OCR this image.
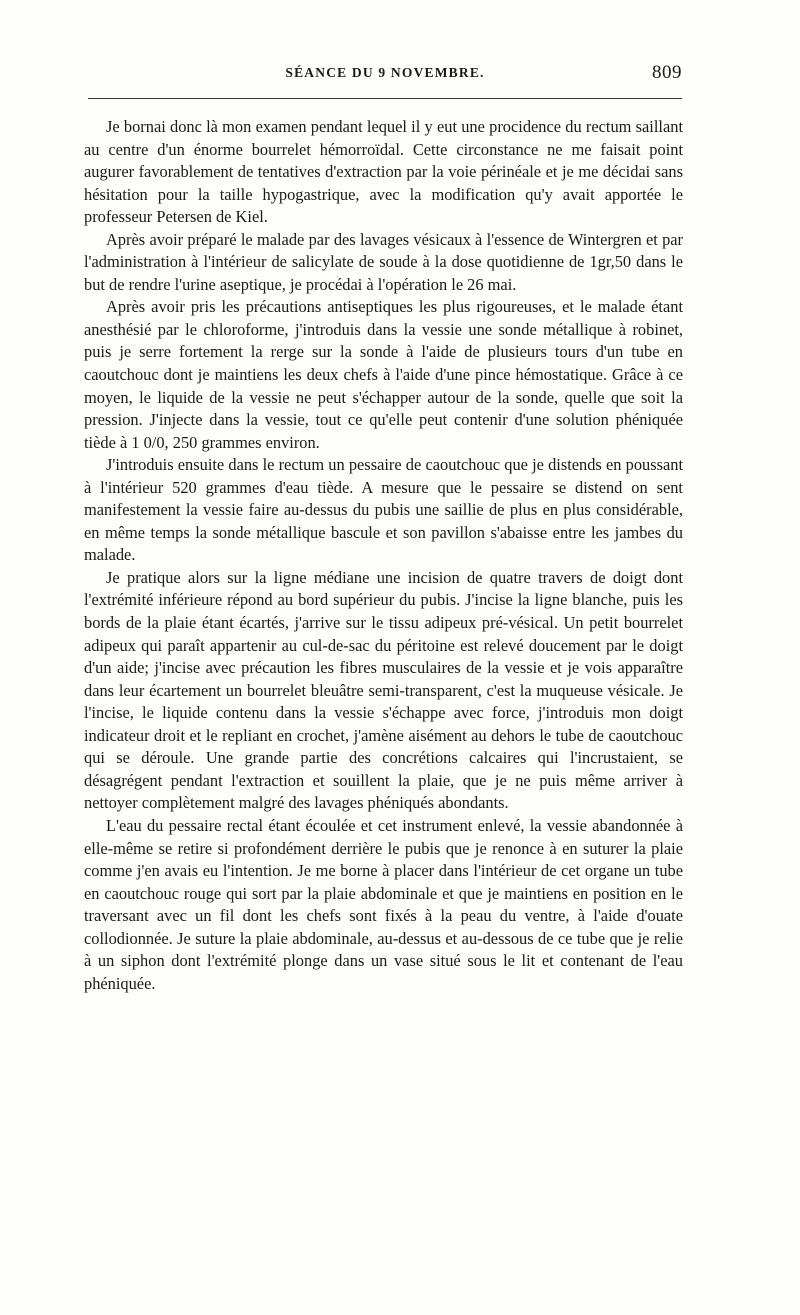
SÉANCE DU 9 NOVEMBRE.	809

Je bornai donc là mon examen pendant lequel il y eut une procidence du rectum saillant au centre d'un énorme bourrelet hémorroïdal. Cette circonstance ne me faisait point augurer favorablement de tentatives d'extraction par la voie périnéale et je me décidai sans hésitation pour la taille hypogastrique, avec la modification qu'y avait apportée le professeur Petersen de Kiel.

Après avoir préparé le malade par des lavages vésicaux à l'essence de Wintergren et par l'administration à l'intérieur de salicylate de soude à la dose quotidienne de 1gr,50 dans le but de rendre l'urine aseptique, je procédai à l'opération le 26 mai.

Après avoir pris les précautions antiseptiques les plus rigoureuses, et le malade étant anesthésié par le chloroforme, j'introduis dans la vessie une sonde métallique à robinet, puis je serre fortement la rerge sur la sonde à l'aide de plusieurs tours d'un tube en caoutchouc dont je maintiens les deux chefs à l'aide d'une pince hémostatique. Grâce à ce moyen, le liquide de la vessie ne peut s'échapper autour de la sonde, quelle que soit la pression. J'injecte dans la vessie, tout ce qu'elle peut contenir d'une solution phéniquée tiède à 1 0/0, 250 grammes environ.

J'introduis ensuite dans le rectum un pessaire de caoutchouc que je distends en poussant à l'intérieur 520 grammes d'eau tiède. A mesure que le pessaire se distend on sent manifestement la vessie faire au-dessus du pubis une saillie de plus en plus considérable, en même temps la sonde métallique bascule et son pavillon s'abaisse entre les jambes du malade.

Je pratique alors sur la ligne médiane une incision de quatre travers de doigt dont l'extrémité inférieure répond au bord supérieur du pubis. J'incise la ligne blanche, puis les bords de la plaie étant écartés, j'arrive sur le tissu adipeux pré-vésical. Un petit bourrelet adipeux qui paraît appartenir au cul-de-sac du péritoine est relevé doucement par le doigt d'un aide; j'incise avec précaution les fibres musculaires de la vessie et je vois apparaître dans leur écartement un bourrelet bleuâtre semi-transparent, c'est la muqueuse vésicale. Je l'incise, le liquide contenu dans la vessie s'échappe avec force, j'introduis mon doigt indicateur droit et le repliant en crochet, j'amène aisément au dehors le tube de caoutchouc qui se déroule. Une grande partie des concrétions calcaires qui l'incrustaient, se désagrégent pendant l'extraction et souillent la plaie, que je ne puis même arriver à nettoyer complètement malgré des lavages phéniqués abondants.

L'eau du pessaire rectal étant écoulée et cet instrument enlevé, la vessie abandonnée à elle-même se retire si profondément derrière le pubis que je renonce à en suturer la plaie comme j'en avais eu l'intention. Je me borne à placer dans l'intérieur de cet organe un tube en caoutchouc rouge qui sort par la plaie abdominale et que je maintiens en position en le traversant avec un fil dont les chefs sont fixés à la peau du ventre, à l'aide d'ouate collodionnée. Je suture la plaie abdominale, au-dessus et au-dessous de ce tube que je relie à un siphon dont l'extrémité plonge dans un vase situé sous le lit et contenant de l'eau phéniquée.
